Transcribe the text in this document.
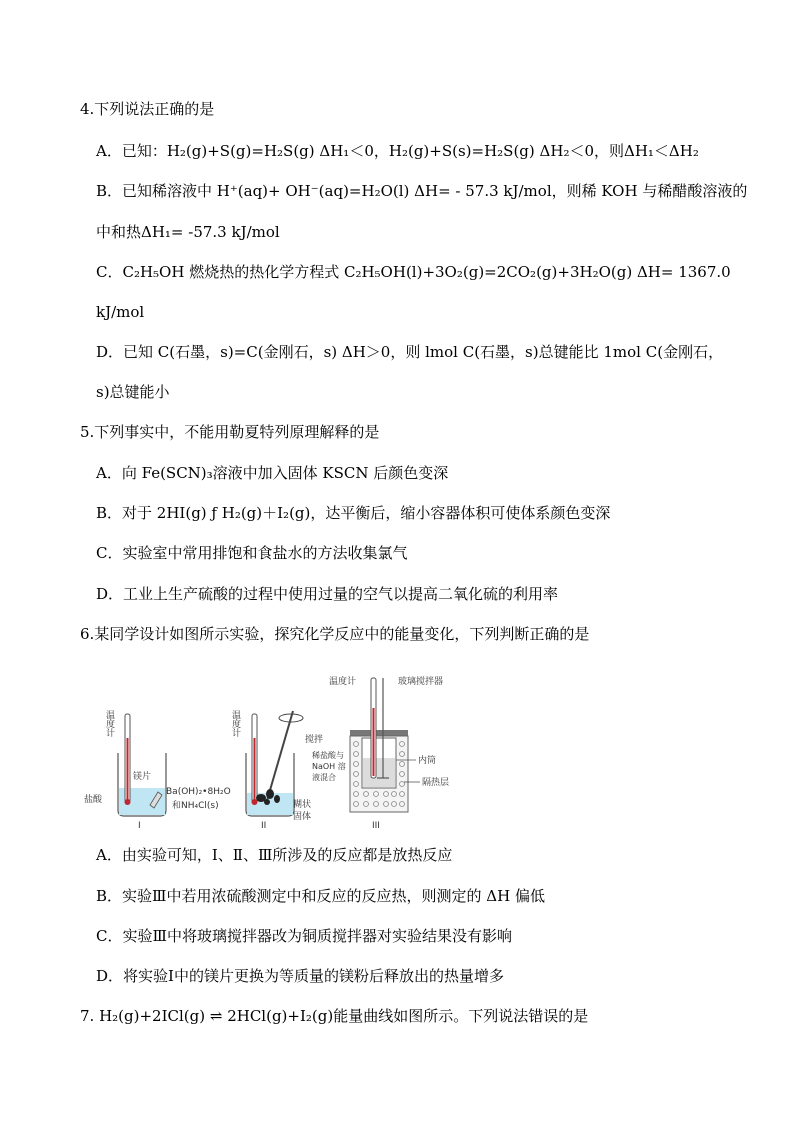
4.下列说法正确的是
A．已知：H₂(g)+S(g)=H₂S(g) ΔH₁＜0，H₂(g)+S(s)=H₂S(g) ΔH₂＜0，则ΔH₁＜ΔH₂
B．已知稀溶液中 H⁺(aq)+ OH⁻(aq)=H₂O(l) ΔH= - 57.3 kJ/mol，则稀 KOH 与稀醋酸溶液的
中和热ΔH₁= -57.3 kJ/mol
C．C₂H₅OH 燃烧热的热化学方程式 C₂H₅OH(l)+3O₂(g)=2CO₂(g)+3H₂O(g) ΔH= 1367.0
kJ/mol
D．已知 C(石墨，s)=C(金刚石，s) ΔH＞0，则 lmol C(石墨，s)总键能比 1mol C(金刚石，
s)总键能小
5.下列事实中，不能用勒夏特列原理解释的是
A．向 Fe(SCN)₃溶液中加入固体 KSCN 后颜色变深
B．对于 2HI(g) ƒ H₂(g)＋I₂(g)，达平衡后，缩小容器体积可使体系颜色变深
C．实验室中常用排饱和食盐水的方法收集氯气
D．工业上生产硫酸的过程中使用过量的空气以提高二氧化硫的利用率
6.某同学设计如图所示实验，探究化学反应中的能量变化，下列判断正确的是
温度计
镁片
盐酸
I
温度计
搅拌
Ba(OH)₂•8H₂O
和NH₄Cl(s)	糊状
固体
II
温度计	玻璃搅拌器
稀盐酸与
NaOH 溶
液混合
内筒
隔热层
III
A．由实验可知，Ⅰ、Ⅱ、Ⅲ所涉及的反应都是放热反应
B．实验Ⅲ中若用浓硫酸测定中和反应的反应热，则测定的 ΔH 偏低
C．实验Ⅲ中将玻璃搅拌器改为铜质搅拌器对实验结果没有影响
D．将实验Ⅰ中的镁片更换为等质量的镁粉后释放出的热量增多
7. H₂(g)+2ICl(g) ⇌ 2HCl(g)+I₂(g)能量曲线如图所示。下列说法错误的是
